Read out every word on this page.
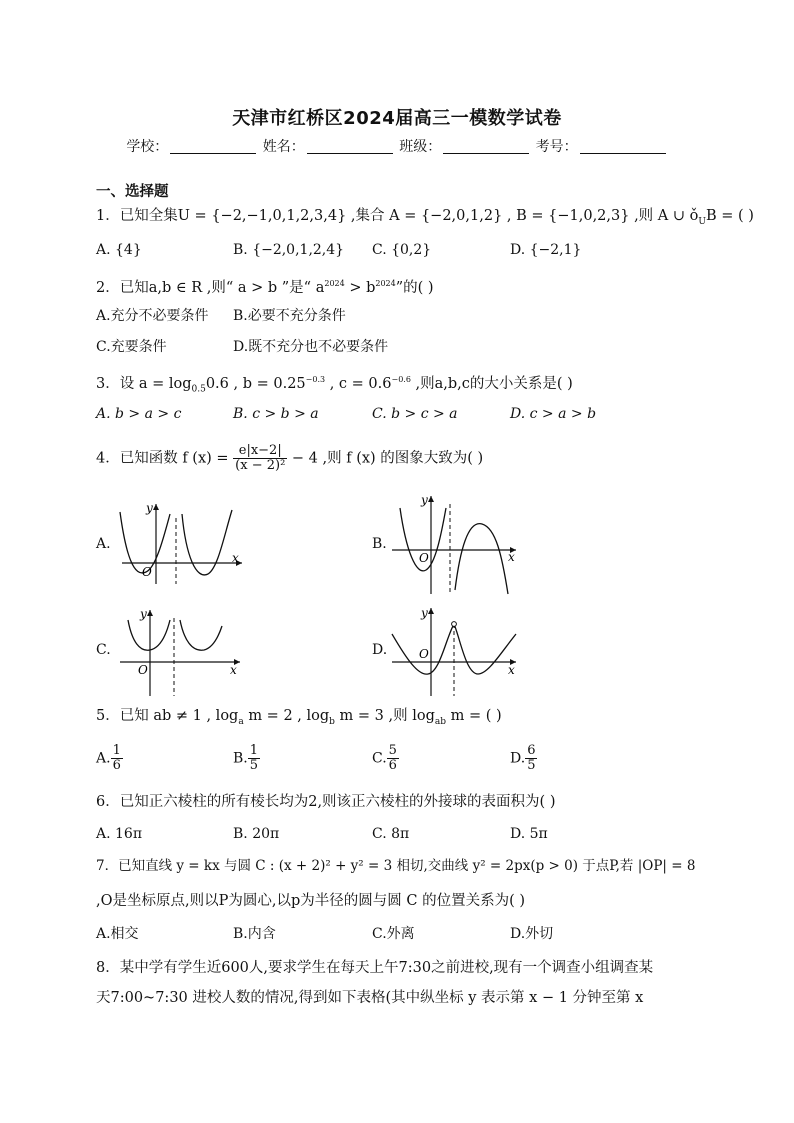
天津市红桥区2024届高三一模数学试卷
学校：	姓名：	班级：	考号：
一、选择题
1．已知全集U = {−2,−1,0,1,2,3,4} ,集合 A = {−2,0,1,2} , B = {−1,0,2,3} ,则 A ∪ $ǒ_UB$ = ( )
A. {4}	B. {−2,0,1,2,4} C. {0,2}	D. {−2,1}
2．已知a,b ∈ R ,则“ a > b ”是“ $a^{2024} > b^{2024}$”的( )
A.充分不必要条件 B.必要不充分条件
C.充要条件	D.既不充分也不必要条件
3．设 $a = \log_{0.5}0.6$ , $b = 0.25^{-0.3}$ , $c = 0.6^{-0.6}$ ,则a,b,c的大小关系是( )
A. b > a > c	B. c > b > a	C. b > c > a	D. c > a > b
4．已知函数 f $(x) = \frac{e|x-2|}{\text{(x − 2)²}} - 4$ ,则 f (x) 的图象大致为( )
A.
y
x
O
B.
y
x
O
C.
y
x
O
D.
y
x
O
5．已知 ab ≠ 1 , $\log_a m = 2$ , $\log_b m = 3$ ,则 $\log_{ab} m$ = ( )
A. $\frac{1}{6}$	B. $\frac{1}{5}$	C. $\frac{5}{6}$	D. $\frac{6}{5}$
6．已知正六棱柱的所有棱长均为2,则该正六棱柱的外接球的表面积为( )
A. 16π	B. 20π	C. 8π	D. 5π
7．已知直线 y = kx 与圆 C : (x + 2)² + y² = 3 相切,交曲线 y² = 2px(p > 0) 于点P,若 |OP| = 8
,O是坐标原点,则以P为圆心,以p为半径的圆与圆 C 的位置关系为( )
A.相交	B.内含	C.外离	D.外切
8．某中学有学生近600人,要求学生在每天上午7:30之前进校,现有一个调查小组调查某
天7:00~7:30 进校人数的情况,得到如下表格(其中纵坐标 y 表示第 x − 1 分钟至第 x
